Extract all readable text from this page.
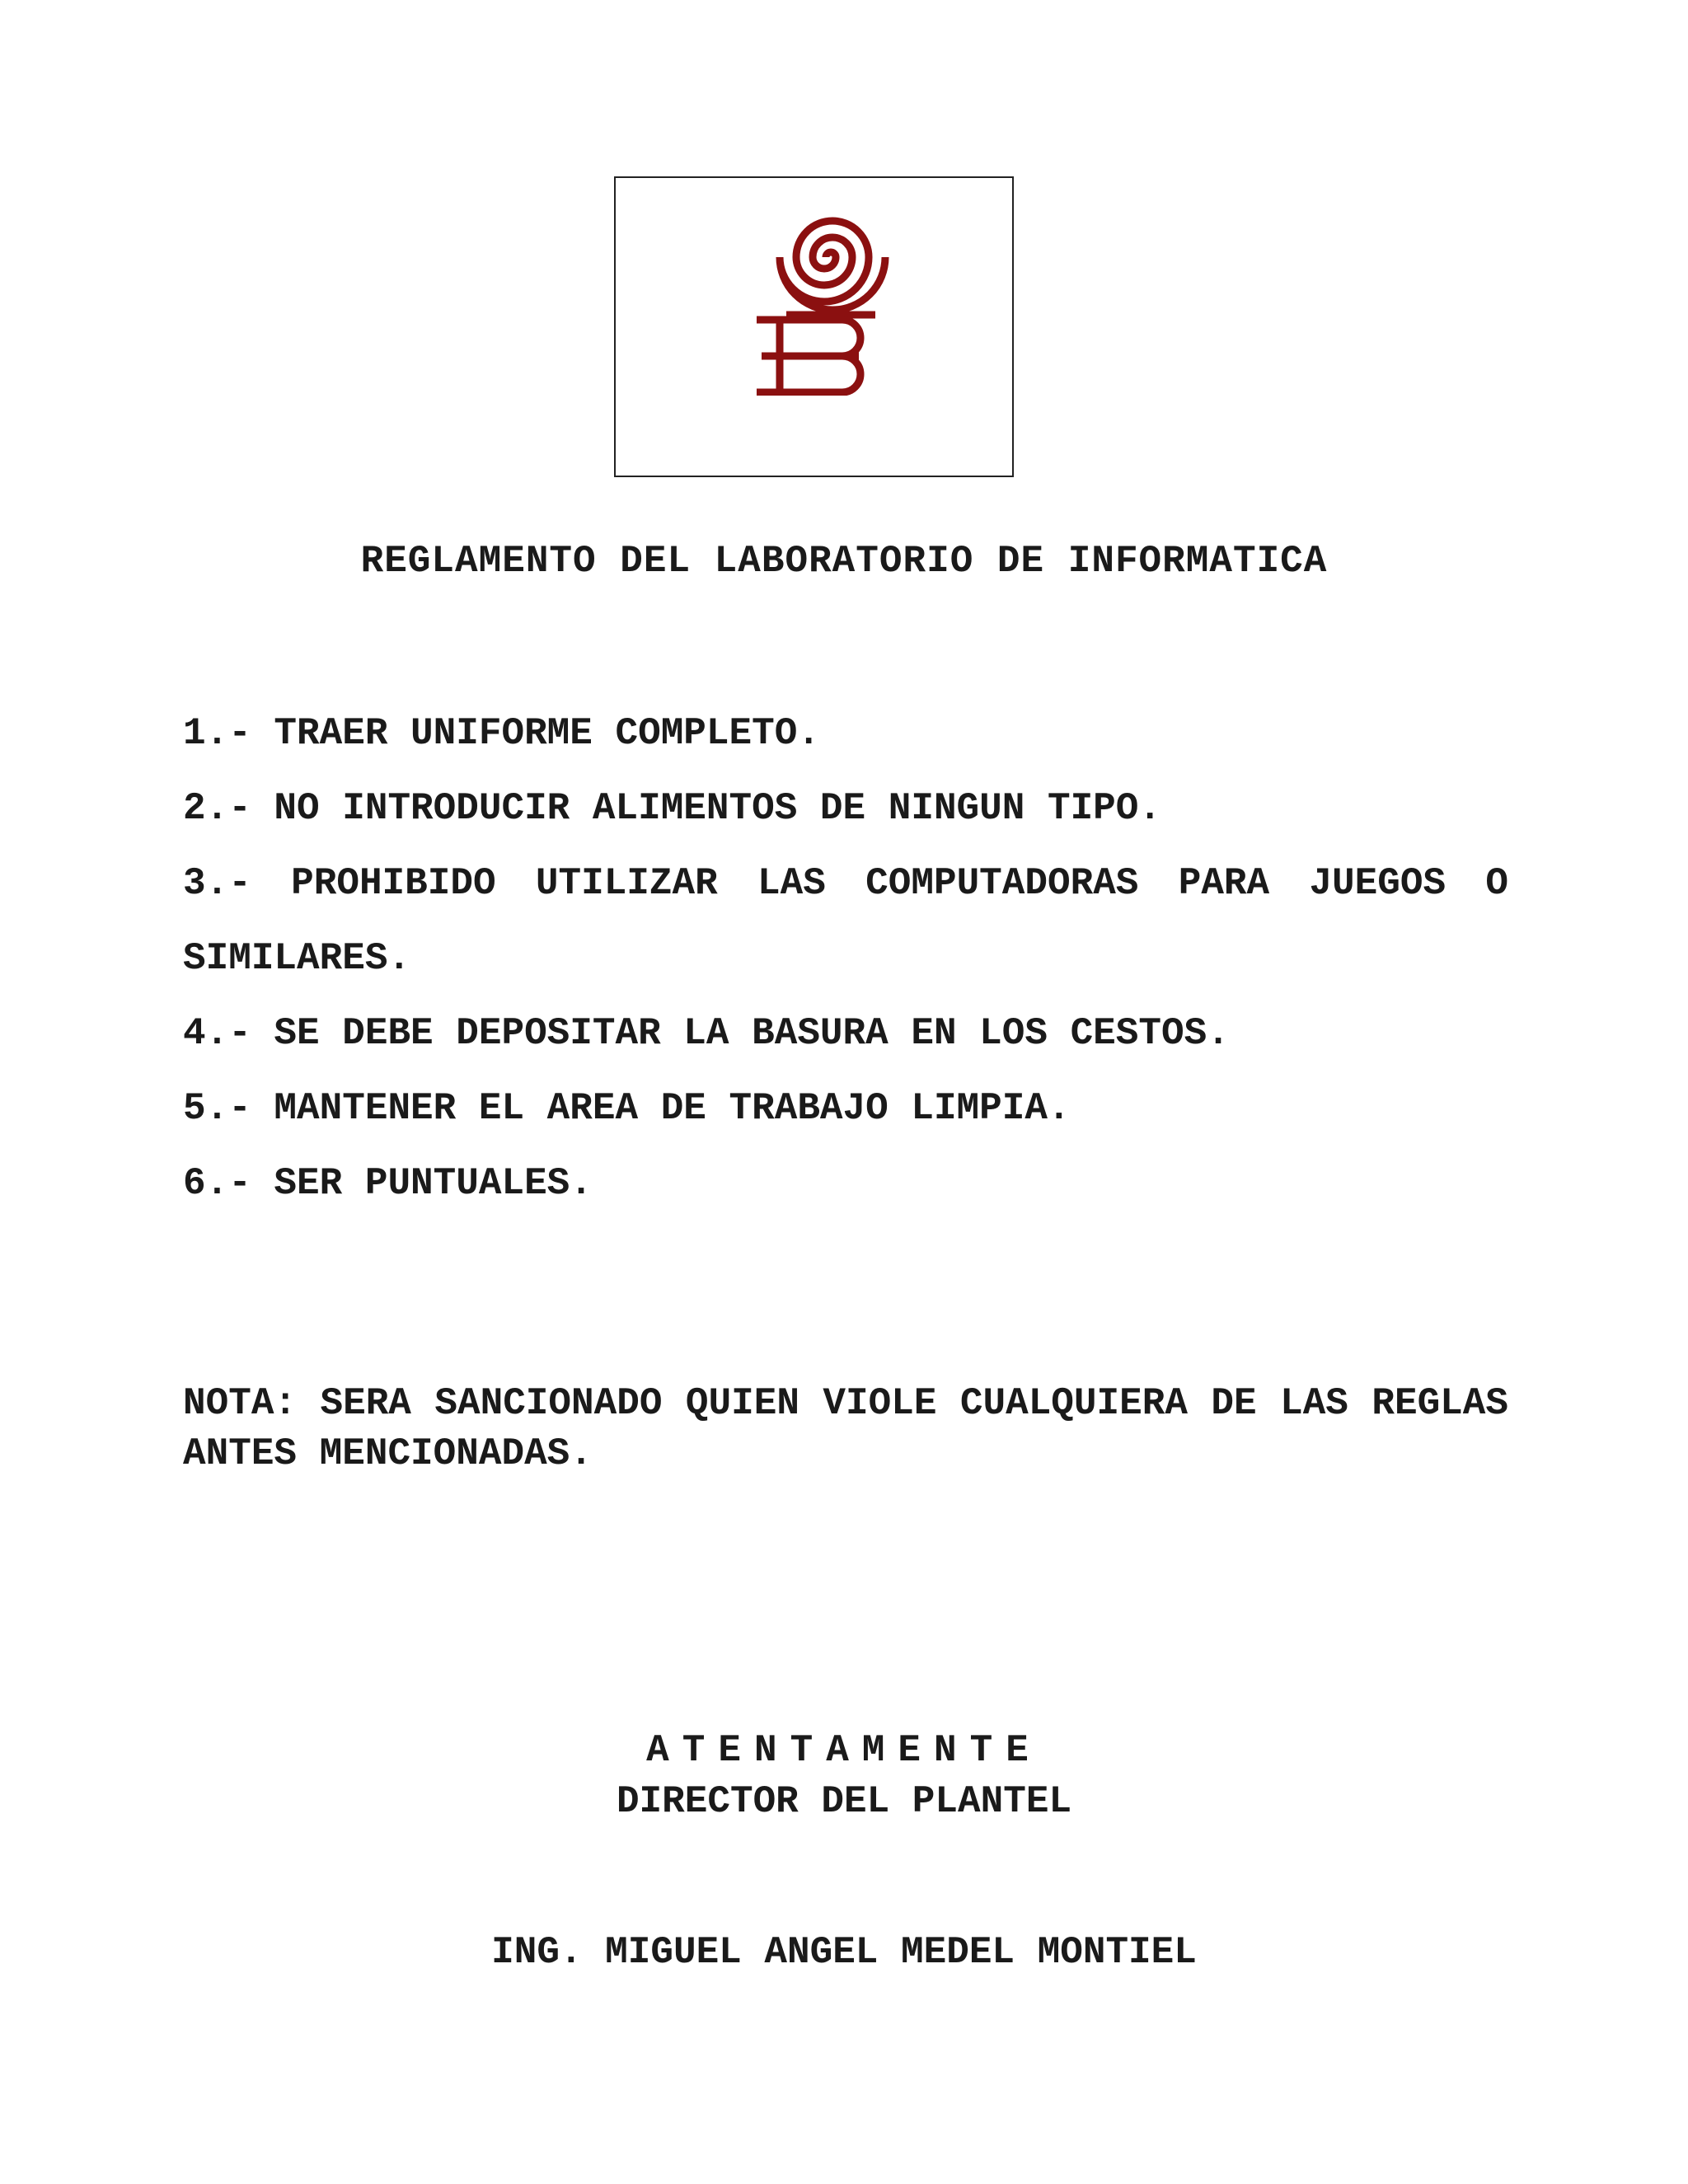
REGLAMENTO DEL LABORATORIO DE INFORMATICA
1.- TRAER UNIFORME COMPLETO.
2.- NO INTRODUCIR ALIMENTOS DE NINGUN TIPO.
3.- PROHIBIDO UTILIZAR LAS COMPUTADORAS PARA JUEGOS O SIMILARES.
4.- SE DEBE DEPOSITAR LA BASURA EN LOS CESTOS.
5.- MANTENER EL AREA DE TRABAJO LIMPIA.
6.- SER PUNTUALES.
NOTA: SERA SANCIONADO QUIEN VIOLE CUALQUIERA DE LAS REGLAS ANTES MENCIONADAS.
ATENTAMENTE
DIRECTOR DEL PLANTEL
ING. MIGUEL ANGEL MEDEL MONTIEL
